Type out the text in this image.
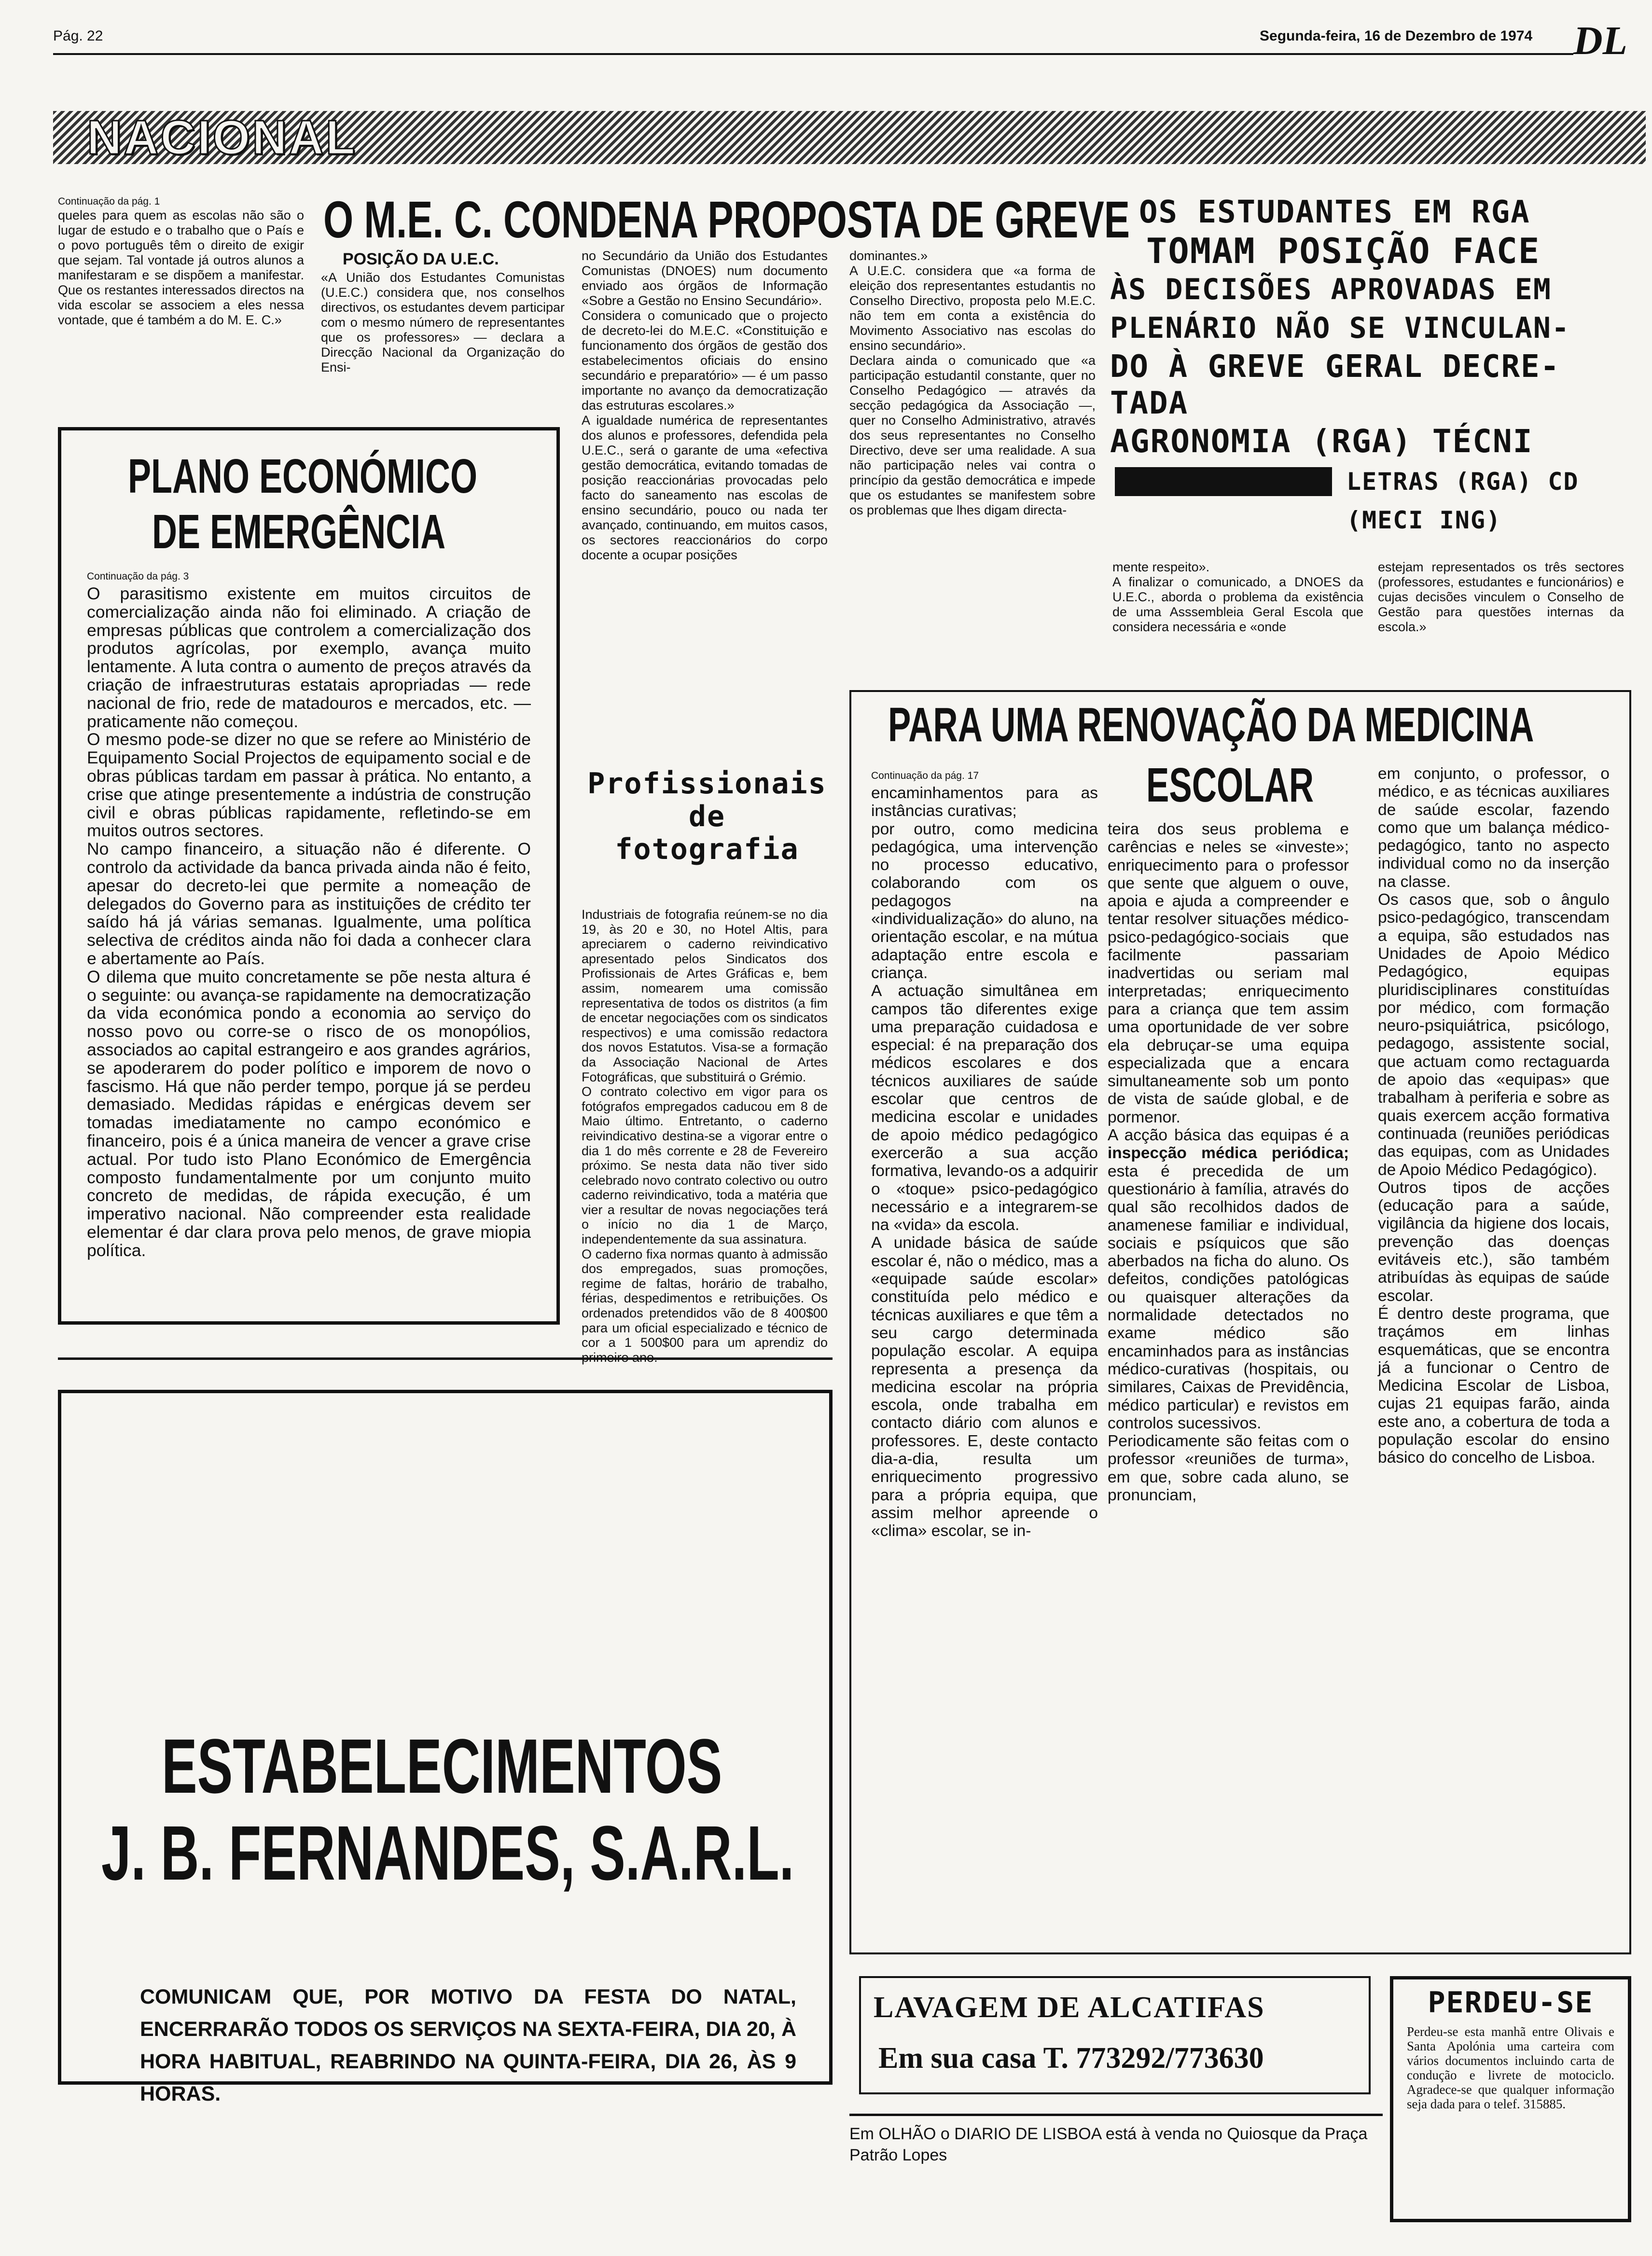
Pág. 22	Segunda-feira, 16 de Dezembro de 1974 DL
NACIONAL
Continuação da pág. 1

queles para quem as escolas não são o lugar de estudo e o trabalho que o País e o povo português têm o direito de exigir que sejam. Tal vontade já outros alunos a manifestaram e se dispõem a manifestar. Que os restantes interessados directos na vida escolar se associem a eles nessa vontade, que é também a do M. E. C.»

O M.E. C. CONDENA PROPOSTA DE GREVE
POSIÇÃO DA U.E.C.

«A União dos Estudantes Comunistas (U.E.C.) considera que, nos conselhos directivos, os estudantes devem participar com o mesmo número de representantes que os professores» — declara a Direcção Nacional da Organização do Ensi-

no Secundário da União dos Estudantes Comunistas (DNOES) num documento enviado aos órgãos de Informação «Sobre a Gestão no Ensino Secundário».
Considera o comunicado que o projecto de decreto-lei do M.E.C. «Constituição e funcionamento dos órgãos de gestão dos estabelecimentos oficiais do ensino secundário e preparatório» — é um passo importante no avanço da democratização das estruturas escolares.»
A igualdade numérica de representantes dos alunos e professores, defendida pela U.E.C., será o garante de uma «efectiva gestão democrática, evitando tomadas de posição reaccionárias provocadas pelo facto do saneamento nas escolas de ensino secundário, pouco ou nada ter avançado, continuando, em muitos casos, os sectores reaccionários do corpo docente a ocupar posições

dominantes.»
A U.E.C. considera que «a forma de eleição dos representantes estudantis no Conselho Directivo, proposta pelo M.E.C. não tem em conta a existência do Movimento Associativo nas escolas do ensino secundário».
Declara ainda o comunicado que «a participação estudantil constante, quer no Conselho Pedagógico — através da secção pedagógica da Associação —, quer no Conselho Administrativo, através dos seus representantes no Conselho Directivo, deve ser uma realidade. A sua não participação neles vai contra o princípio da gestão democrática e impede que os estudantes se manifestem sobre os problemas que lhes digam directa-

OS ESTUDANTES EM RGA
TOMAM POSIÇÃO FACE
ÀS DECISÕES APROVADAS EM
PLENÁRIO NÃO SE VINCULAN-
DO À GREVE GERAL DECRE-
TADA
AGRONOMIA (RGA) TÉCNI
LETRAS (RGA) CD (MECI ING)

mente respeito».
A finalizar o comunicado, a DNOES da U.E.C., aborda o problema da existência de uma Asssembleia Geral Escola que considera necessária e «onde

estejam representados os três sectores (professores, estudantes e funcionários) e cujas decisões vinculem o Conselho de Gestão para questões internas da escola.»

PLANO ECONÓMICO
DE EMERGÊNCIA
Continuação da pág. 3

O parasitismo existente em muitos circuitos de comercialização ainda não foi eliminado. A criação de empresas públicas que controlem a comercialização dos produtos agrícolas, por exemplo, avança muito lentamente. A luta contra o aumento de preços através da criação de infraestruturas estatais apropriadas — rede nacional de frio, rede de matadouros e mercados, etc. — praticamente não começou.
O mesmo pode-se dizer no que se refere ao Ministério de Equipamento Social Projectos de equipamento social e de obras públicas tardam em passar à prática. No entanto, a crise que atinge presentemente a indústria de construção civil e obras públicas rapidamente, refletindo-se em muitos outros sectores.
No campo financeiro, a situação não é diferente. O controlo da actividade da banca privada ainda não é feito, apesar do decreto-lei que permite a nomeação de delegados do Governo para as instituições de crédito ter saído há já várias semanas. Igualmente, uma política selectiva de créditos ainda não foi dada a conhecer clara e abertamente ao País.
O dilema que muito concretamente se põe nesta altura é o seguinte: ou avança-se rapidamente na democratização da vida económica pondo a economia ao serviço do nosso povo ou corre-se o risco de os monopólios, associados ao capital estrangeiro e aos grandes agrários, se apoderarem do poder político e imporem de novo o fascismo. Há que não perder tempo, porque já se perdeu demasiado. Medidas rápidas e enérgicas devem ser tomadas imediatamente no campo económico e financeiro, pois é a única maneira de vencer a grave crise actual. Por tudo isto Plano Económico de Emergência composto fundamentalmente por um conjunto muito concreto de medidas, de rápida execução, é um imperativo nacional. Não compreender esta realidade elementar é dar clara prova pelo menos, de grave miopia política.

Profissionais
de
fotografia

Industriais de fotografia reúnem-se no dia 19, às 20 e 30, no Hotel Altis, para apreciarem o caderno reivindicativo apresentado pelos Sindicatos dos Profissionais de Artes Gráficas e, bem assim, nomearem uma comissão representativa de todos os distritos (a fim de encetar negociações com os sindicatos respectivos) e uma comissão redactora dos novos Estatutos. Visa-se a formação da Associação Nacional de Artes Fotográficas, que substituirá o Grémio.
O contrato colectivo em vigor para os fotógrafos empregados caducou em 8 de Maio último. Entretanto, o caderno reivindicativo destina-se a vigorar entre o dia 1 do mês corrente e 28 de Fevereiro próximo. Se nesta data não tiver sido celebrado novo contrato colectivo ou outro caderno reivindicativo, toda a matéria que vier a resultar de novas negociações terá o início no dia 1 de Março, independentemente da sua assinatura.
O caderno fixa normas quanto à admissão dos empregados, suas promoções, regime de faltas, horário de trabalho, férias, despedimentos e retribuições. Os ordenados pretendidos vão de 8 400$00 para um oficial especializado e técnico de cor a 1 500$00 para um aprendiz do

ESTABELECIMENTOS
J. B. FERNANDES, S.A.R.L.

COMUNICAM QUE, POR MOTIVO DA FESTA DO NATAL, ENCERRARÃO TODOS OS SERVIÇOS NA SEXTA-FEIRA, DIA 20, À HORA HABITUAL, REABRINDO NA QUINTA-FEIRA, DIA 26, ÀS 9 HORAS.

PARA UMA RENOVAÇÃO DA MEDICINA
ESCOLAR
Continuação da pág. 17

encaminhamentos para as instâncias curativas;
por outro, como medicina pedagógica, uma intervenção no processo educativo, colaborando com os pedagogos na «individualização» do aluno, na orientação escolar, e na mútua adaptação entre escola e criança.
A actuação simultânea em campos tão diferentes exige uma preparação cuidadosa e especial: é na preparação dos médicos escolares e dos técnicos auxiliares de saúde escolar que centros de medicina escolar e unidades de apoio médico pedagógico exercerão a sua acção formativa, levando-os a adquirir o «toque» psico-pedagógico necessário e a integrarem-se na «vida» da escola.
A unidade básica de saúde escolar é, não o médico, mas a «equipade saúde escolar» constituída pelo médico e técnicas auxiliares e que têm a seu cargo determinada população escolar. A equipa representa a presença da medicina escolar na própria escola, onde trabalha em contacto diário com alunos e professores. E, deste contacto dia-a-dia, resulta um enriquecimento progressivo para a própria equipa, que assim melhor apreende o «clima» escolar, se in-

teira dos seus problema e carências e neles se «investe»; enriquecimento para o professor que sente que alguem o ouve, apoia e ajuda a compreender e tentar resolver situações médico-psico-pedagógico-sociais que facilmente passariam inadvertidas ou seriam mal interpretadas; enriquecimento para a criança que tem assim uma oportunidade de ver sobre ela debruçar-se uma equipa especializada que a encara simultaneamente sob um ponto de vista de saúde global, e de pormenor.
A acção básica das equipas é a inspecção médica periódica; esta é precedida de um questionário à família, através do qual são recolhidos dados de anamenese familiar e individual, sociais e psíquicos que são aberbados na ficha do aluno. Os defeitos, condições patológicas ou quaisquer alterações da normalidade detectados no exame médico são encaminhados para as instâncias médico-curativas (hospitais, ou similares, Caixas de Previdência, médico particular) e revistos em controlos sucessivos.
Periodicamente são feitas com o professor «reuniões de turma», em que, sobre cada aluno, se pronunciam,

em conjunto, o professor, o médico, e as técnicas auxiliares de saúde escolar, fazendo como que um balança médico-pedagógico, tanto no aspecto individual como no da inserção na classe.
Os casos que, sob o ângulo psico-pedagógico, transcendam a equipa, são estudados nas Unidades de Apoio Médico Pedagógico, equipas pluridisciplinares constituídas por médico, com formação neuro-psiquiátrica, psicólogo, pedagogo, assistente social, que actuam como rectaguarda de apoio das «equipas» que trabalham à periferia e sobre as quais exercem acção formativa continuada (reuniões periódicas das equipas, com as Unidades de Apoio Médico Pedagógico).
Outros tipos de acções (educação para a saúde, vigilância da higiene dos locais, prevenção das doenças evitáveis etc.), são também atribuídas às equipas de saúde escolar.
É dentro deste programa, que traçámos em linhas esquemáticas, que se encontra já a funcionar o Centro de Medicina Escolar de Lisboa, cujas 21 equipas farão, ainda este ano, a cobertura de toda a população escolar do ensino básico do concelho de Lisboa.

LAVAGEM DE ALCATIFAS
Em sua casa T. 773292/773630

Em OLHÃO o DIARIO DE LISBOA está à venda no Quiosque da Praça Patrão Lopes

PERDEU-SE

Perdeu-se esta manhã entre Olivais e Santa Apolónia uma carteira com vários documentos incluindo carta de condução e livrete de motociclo. Agradece-se que qualquer informação seja dada para o telef. 315885.
